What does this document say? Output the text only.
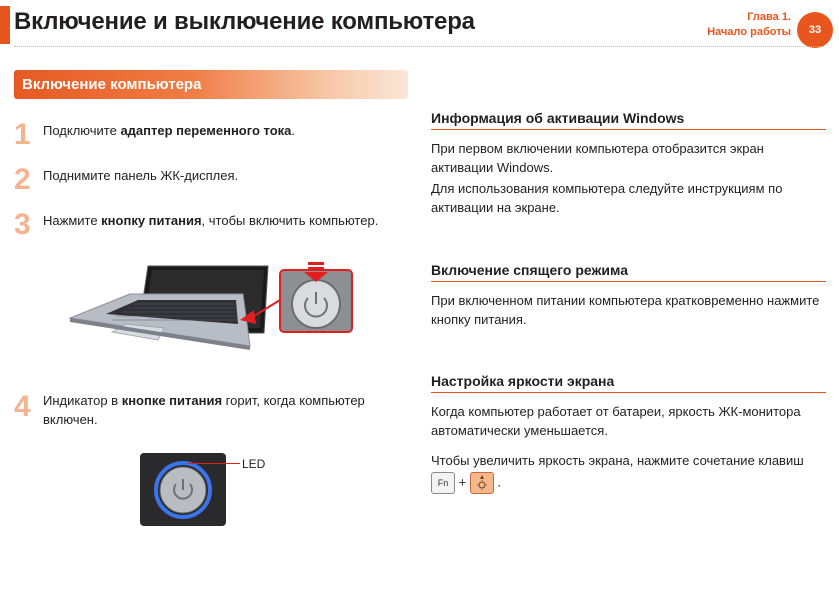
Включение и выключение компьютера	Глава 1.
Начало работы	33
Включение компьютера
1 Подключите адаптер переменного тока.
2 Поднимите панель ЖК-дисплея.
3 Нажмите кнопку питания, чтобы включить компьютер.
4 Индикатор в кнопке питания горит, когда компьютер включен.
LED
Информация об активации Windows
При первом включении компьютера отобразится экран активации Windows.
Для использования компьютера следуйте инструкциям по активации на экране.
Включение спящего режима
При включенном питании компьютера кратковременно нажмите кнопку питания.
Настройка яркости экрана
Когда компьютер работает от батареи, яркость ЖК-монитора автоматически уменьшается.
Чтобы увеличить яркость экрана, нажмите сочетание клавиш
Fn + .
